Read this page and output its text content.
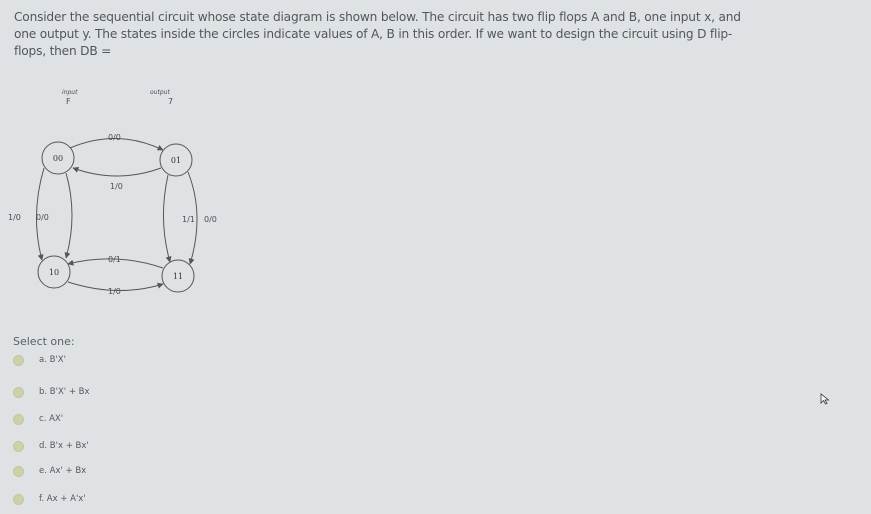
Consider the sequential circuit whose state diagram is shown below. The circuit has two flip flops A and B, one input x, and
one output y. The states inside the circles indicate values of A, B in this order. If we want to design the circuit using D flip-
flops, then DB =
input
F
output
7
00	01
10	11
0/0
1/0
1/0 0/0
0/1
1/0
1/1 0/0
Select one:
a. B'X'
b. B'X' + Bx
c. AX'
d. B'x + Bx'
e. Ax' + Bx
f. Ax + A'x'
